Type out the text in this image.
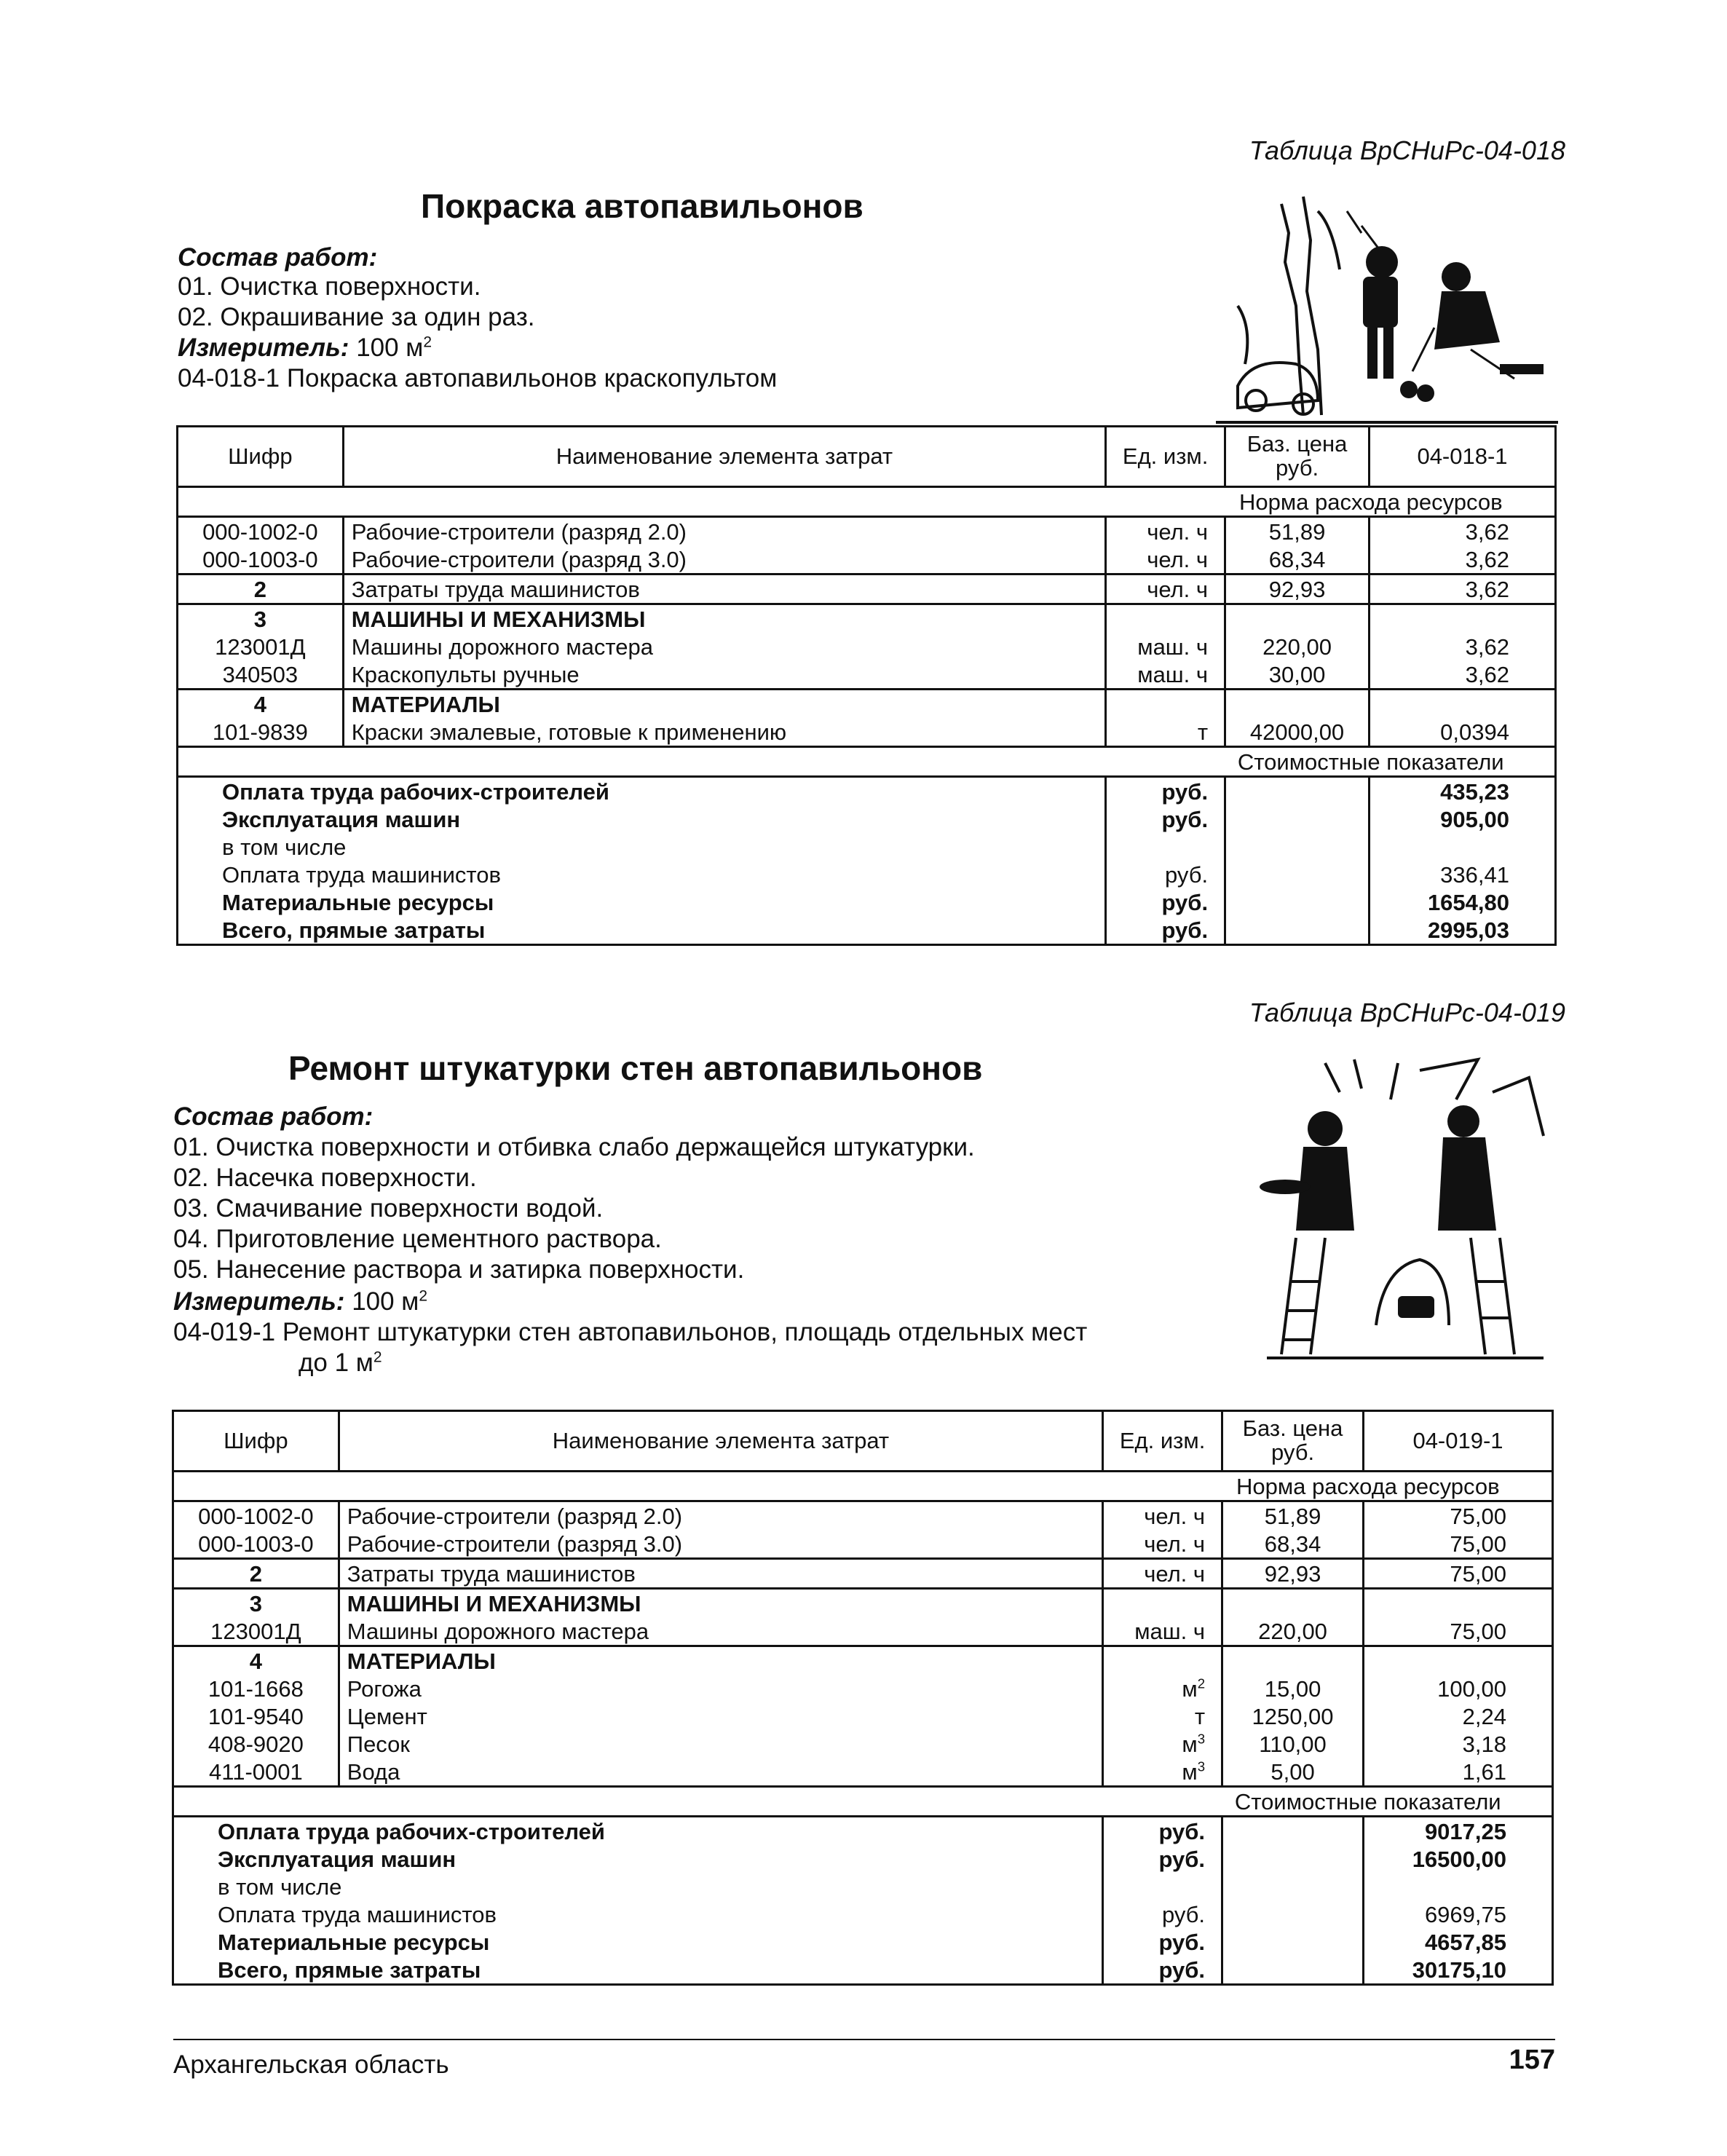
Таблица ВрСНиРс-04-018
Покраска автопавильонов
Состав работ:
01. Очистка поверхности.
02. Окрашивание за один раз.
Измеритель: 100 $м^2$
04-018-1 Покраска автопавильонов краскопультом
Шифр	Наименование элемента затрат	Ед. изм.	Баз. цена руб.	04-018-1
			Норма расхода ресурсов	
000-1002-0	Рабочие-строители (разряд 2.0)	чел. ч	51,89	3,62
000-1003-0	Рабочие-строители (разряд 3.0)	чел. ч	68,34	3,62
2	Затраты труда машинистов	чел. ч	92,93	3,62
3	МАШИНЫ И МЕХАНИЗМЫ			
123001Д	Машины дорожного мастера	маш. ч	220,00	3,62
340503	Краскопульты ручные	маш. ч	30,00	3,62
4	МАТЕРИАЛЫ			
101-9839	Краски эмалевые, готовые к применению	т	42000,00	0,0394
			Стоимостные показатели	
Оплата труда рабочих-строителей		руб.		435,23
Эксплуатация машин		руб.		905,00
в том числе				
Оплата труда машинистов		руб.		336,41
Материальные ресурсы		руб.		1654,80
Всего, прямые затраты		руб.		2995,03
Таблица ВрСНиРс-04-019
Ремонт штукатурки стен автопавильонов
Состав работ:
01. Очистка поверхности и отбивка слабо держащейся штукатурки.
02. Насечка поверхности.
03. Смачивание поверхности водой.
04. Приготовление цементного раствора.
05. Нанесение раствора и затирка поверхности.
Измеритель: 100 $м^2$
04-019-1 Ремонт штукатурки стен автопавильонов, площадь отдельных мест
до 1 $м^2$
Шифр	Наименование элемента затрат	Ед. изм.	Баз. цена руб.	04-019-1
			Норма расхода ресурсов	
000-1002-0	Рабочие-строители (разряд 2.0)	чел. ч	51,89	75,00
000-1003-0	Рабочие-строители (разряд 3.0)	чел. ч	68,34	75,00
2	Затраты труда машинистов	чел. ч	92,93	75,00
3	МАШИНЫ И МЕХАНИЗМЫ			
123001Д	Машины дорожного мастера	маш. ч	220,00	75,00
4	МАТЕРИАЛЫ			
101-1668	Рогожа	$м^2$	15,00	100,00
101-9540	Цемент	т	1250,00	2,24
408-9020	Песок	$м^3$	110,00	3,18
411-0001	Вода	$м^3$	5,00	1,61
			Стоимостные показатели	
Оплата труда рабочих-строителей		руб.		9017,25
Эксплуатация машин		руб.		16500,00
в том числе				
Оплата труда машинистов		руб.		6969,75
Материальные ресурсы		руб.		4657,85
Всего, прямые затраты		руб.		30175,10
Архангельская область	157
